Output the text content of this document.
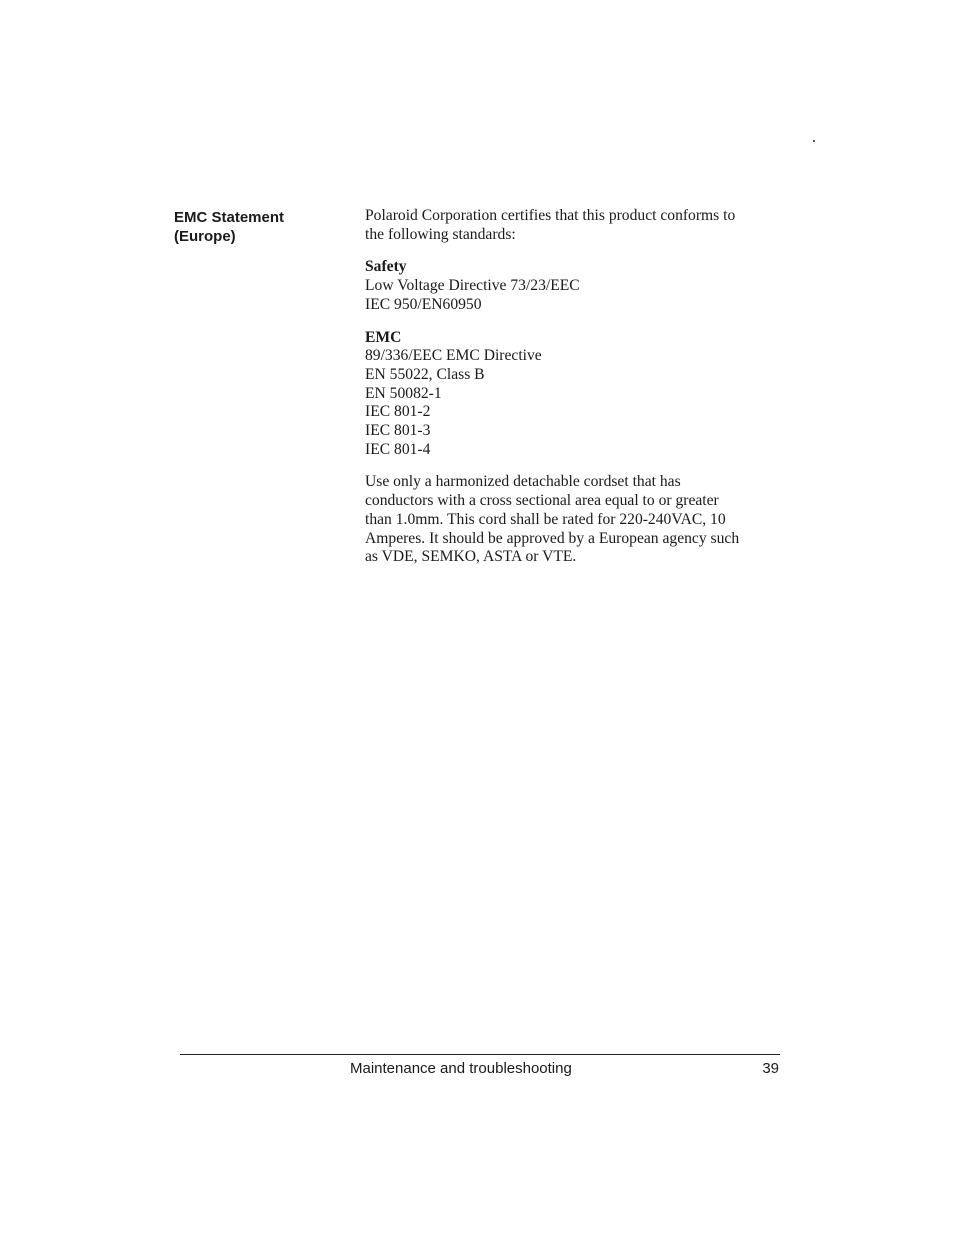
EMC Statement
(Europe)

Polaroid Corporation certifies that this product conforms to
the following standards:

Safety
Low Voltage Directive 73/23/EEC
IEC 950/EN60950

EMC
89/336/EEC EMC Directive
EN 55022, Class B
EN 50082-1
IEC 801-2
IEC 801-3
IEC 801-4

Use only a harmonized detachable cordset that has
conductors with a cross sectional area equal to or greater
than 1.0mm. This cord shall be rated for 220-240VAC, 10
Amperes. It should be approved by a European agency such
as VDE, SEMKO, ASTA or VTE.

Maintenance and troubleshooting	39
